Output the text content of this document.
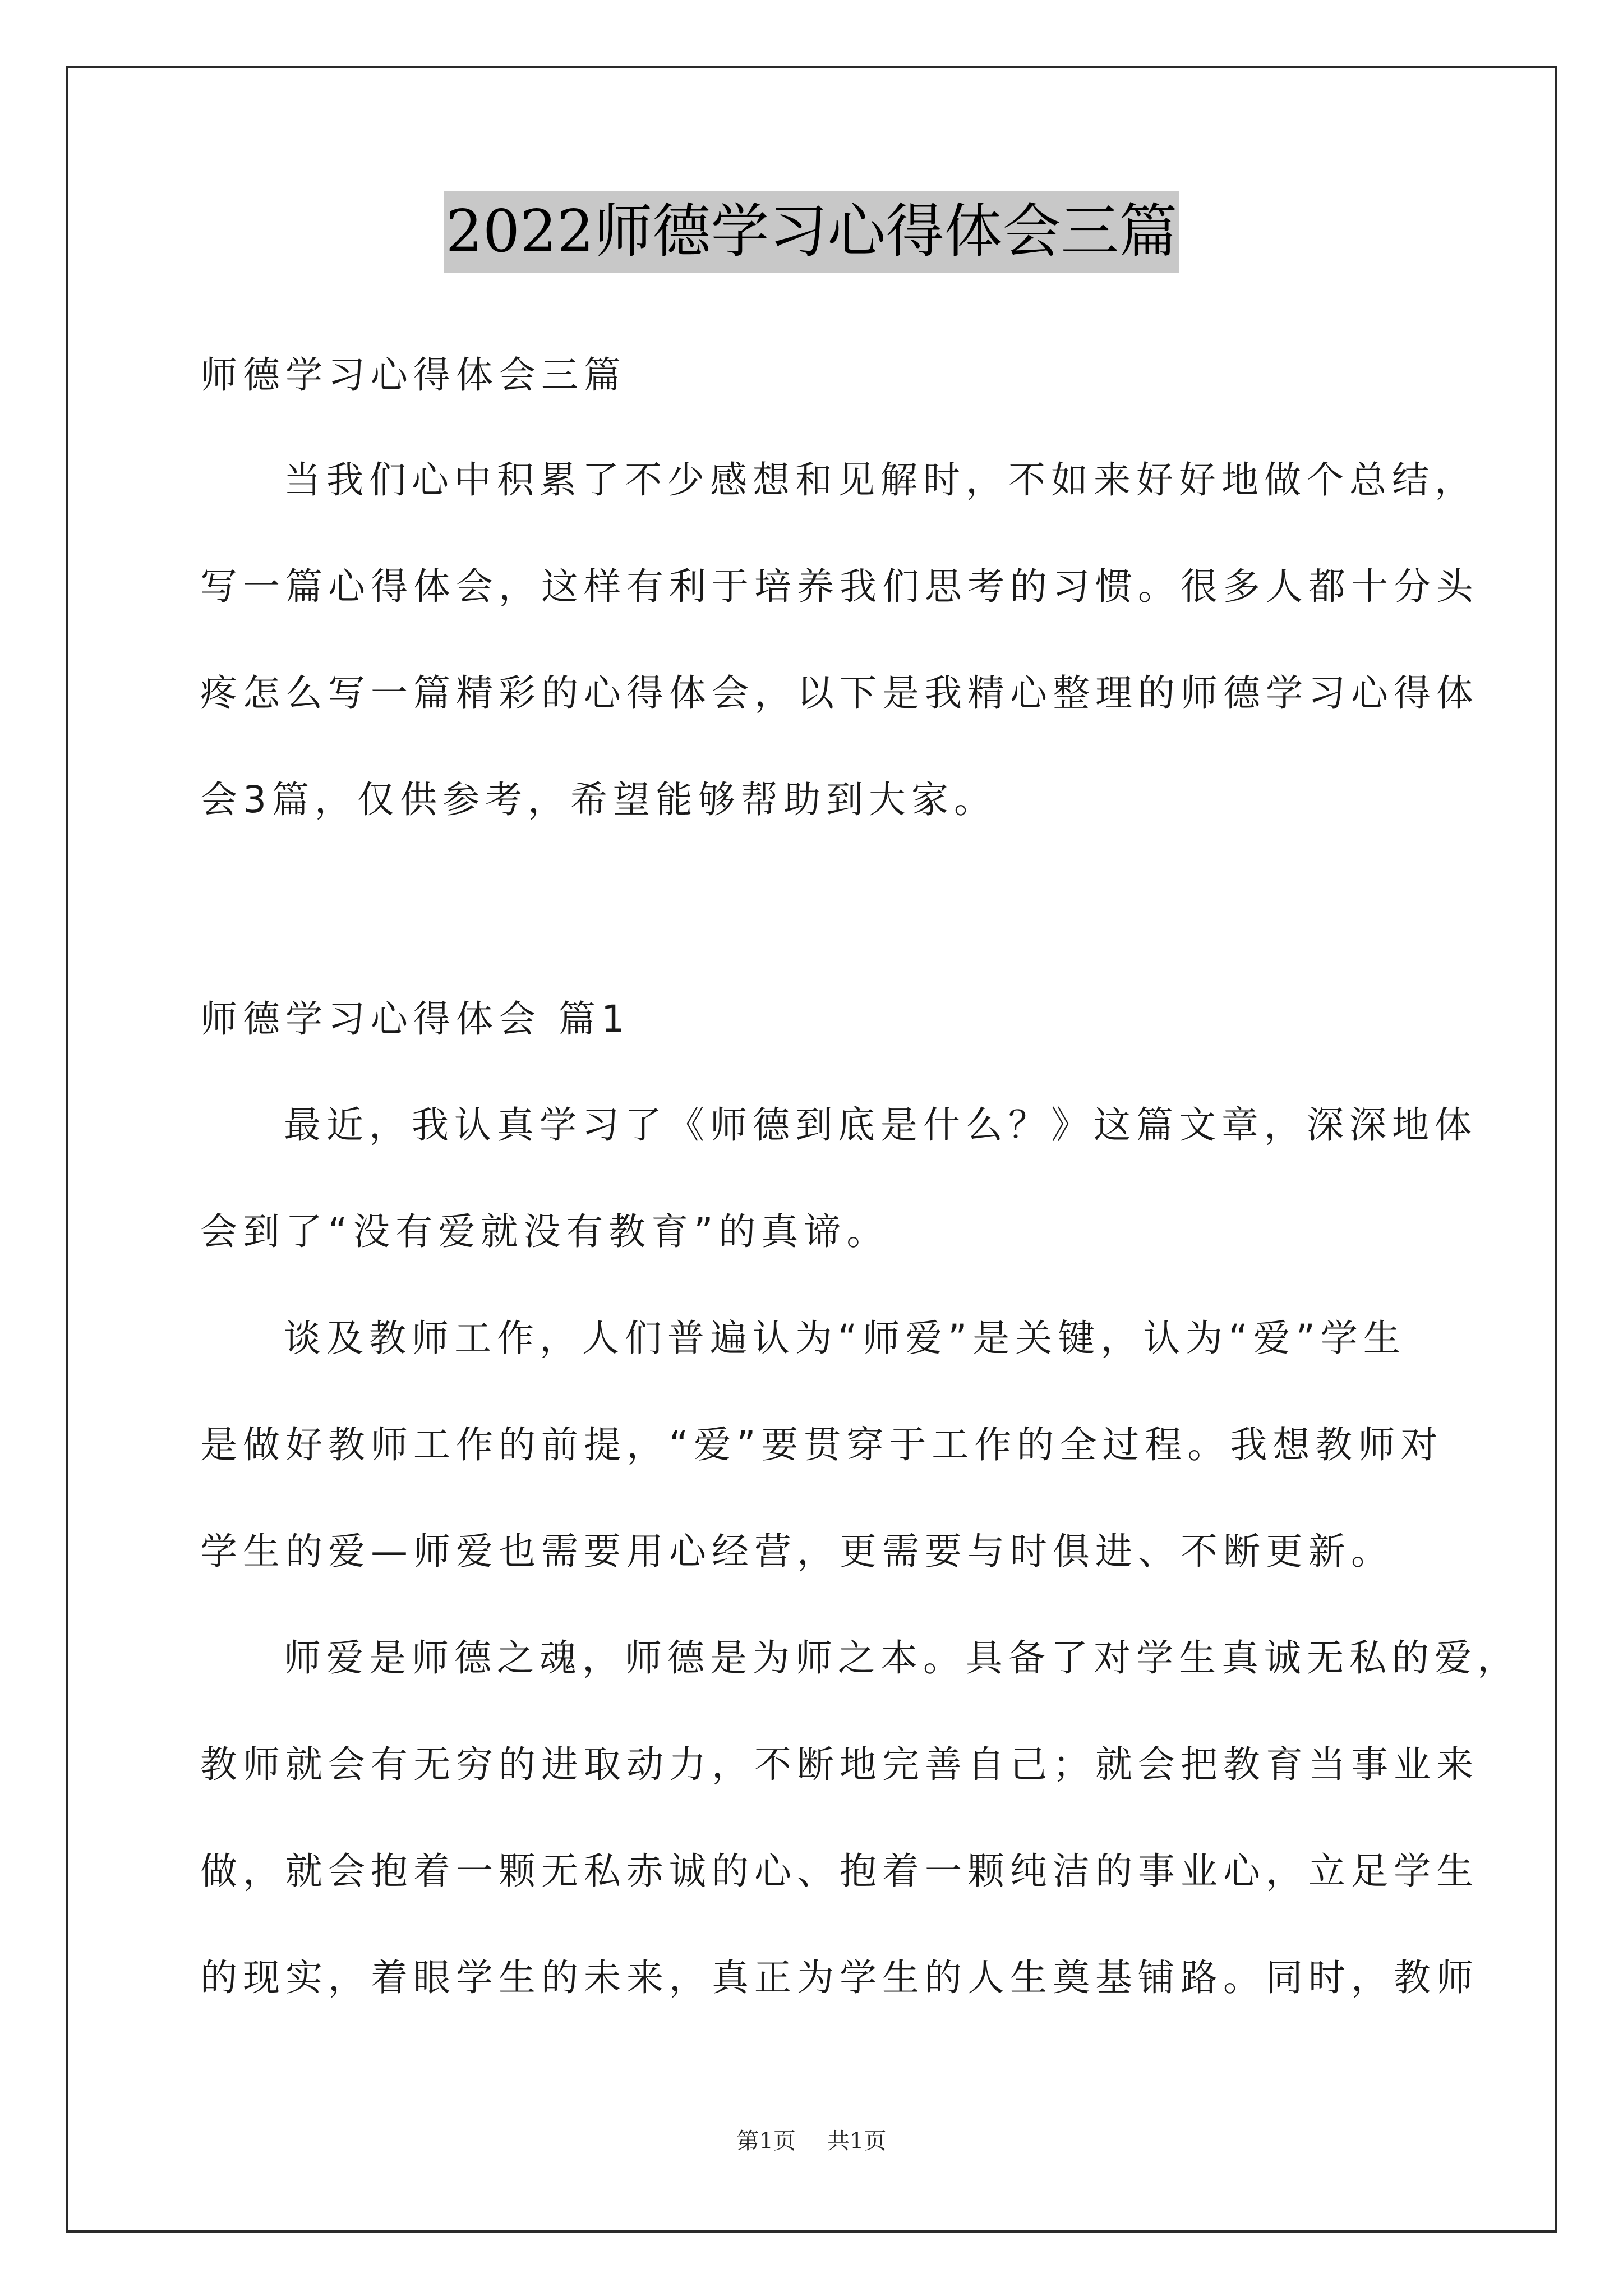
2022师德学习心得体会三篇

师德学习心得体会三篇

当我们心中积累了不少感想和见解时，不如来好好地做个总结，

写一篇心得体会，这样有利于培养我们思考的习惯。很多人都十分头

疼怎么写一篇精彩的心得体会，以下是我精心整理的师德学习心得体

会3篇，仅供参考，希望能够帮助到大家。

师德学习心得体会 篇1

最近，我认真学习了《师德到底是什么？》这篇文章，深深地体

会到了“没有爱就没有教育”的真谛。

谈及教师工作，人们普遍认为“师爱”是关键，认为“爱”学生

是做好教师工作的前提，“爱”要贯穿于工作的全过程。我想教师对

学生的爱—师爱也需要用心经营，更需要与时俱进、不断更新。

师爱是师德之魂，师德是为师之本。具备了对学生真诚无私的爱，

教师就会有无穷的进取动力，不断地完善自己；就会把教育当事业来

做，就会抱着一颗无私赤诚的心、抱着一颗纯洁的事业心，立足学生

的现实，着眼学生的未来，真正为学生的人生奠基铺路。同时，教师

第1页 共1页
